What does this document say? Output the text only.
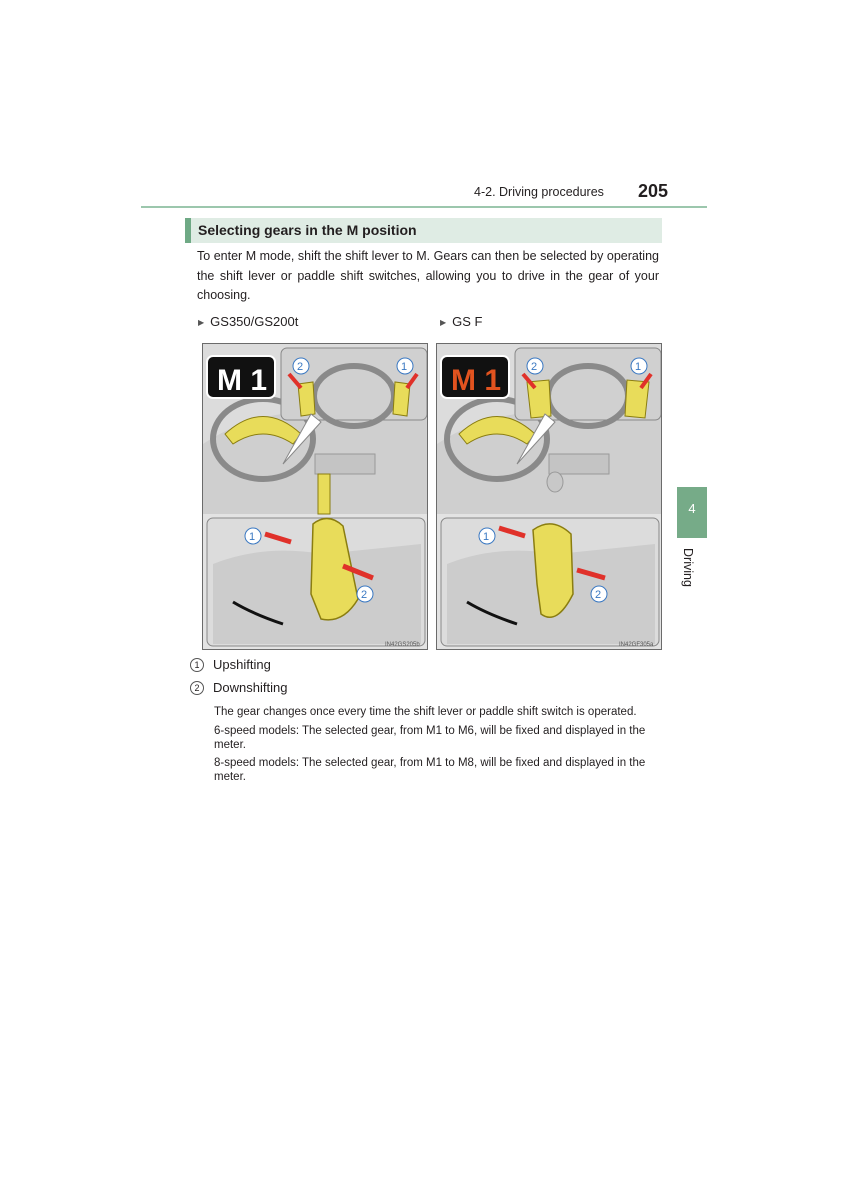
4-2. Driving procedures 205
Selecting gears in the M position
To enter M mode, shift the shift lever to M. Gears can then be selected by operating the shift lever or paddle shift switches, allowing you to drive in the gear of your choosing.
▶ GS350/GS200t	▶ GS F
M 1	2	1
1
2
IN42GS205b
M 1	2	1
1
2
IN42GF305a
1 Upshifting
2 Downshifting
The gear changes once every time the shift lever or paddle shift switch is operated.
6-speed models: The selected gear, from M1 to M6, will be fixed and displayed in the meter.
8-speed models: The selected gear, from M1 to M8, will be fixed and displayed in the meter.
4
Driving
